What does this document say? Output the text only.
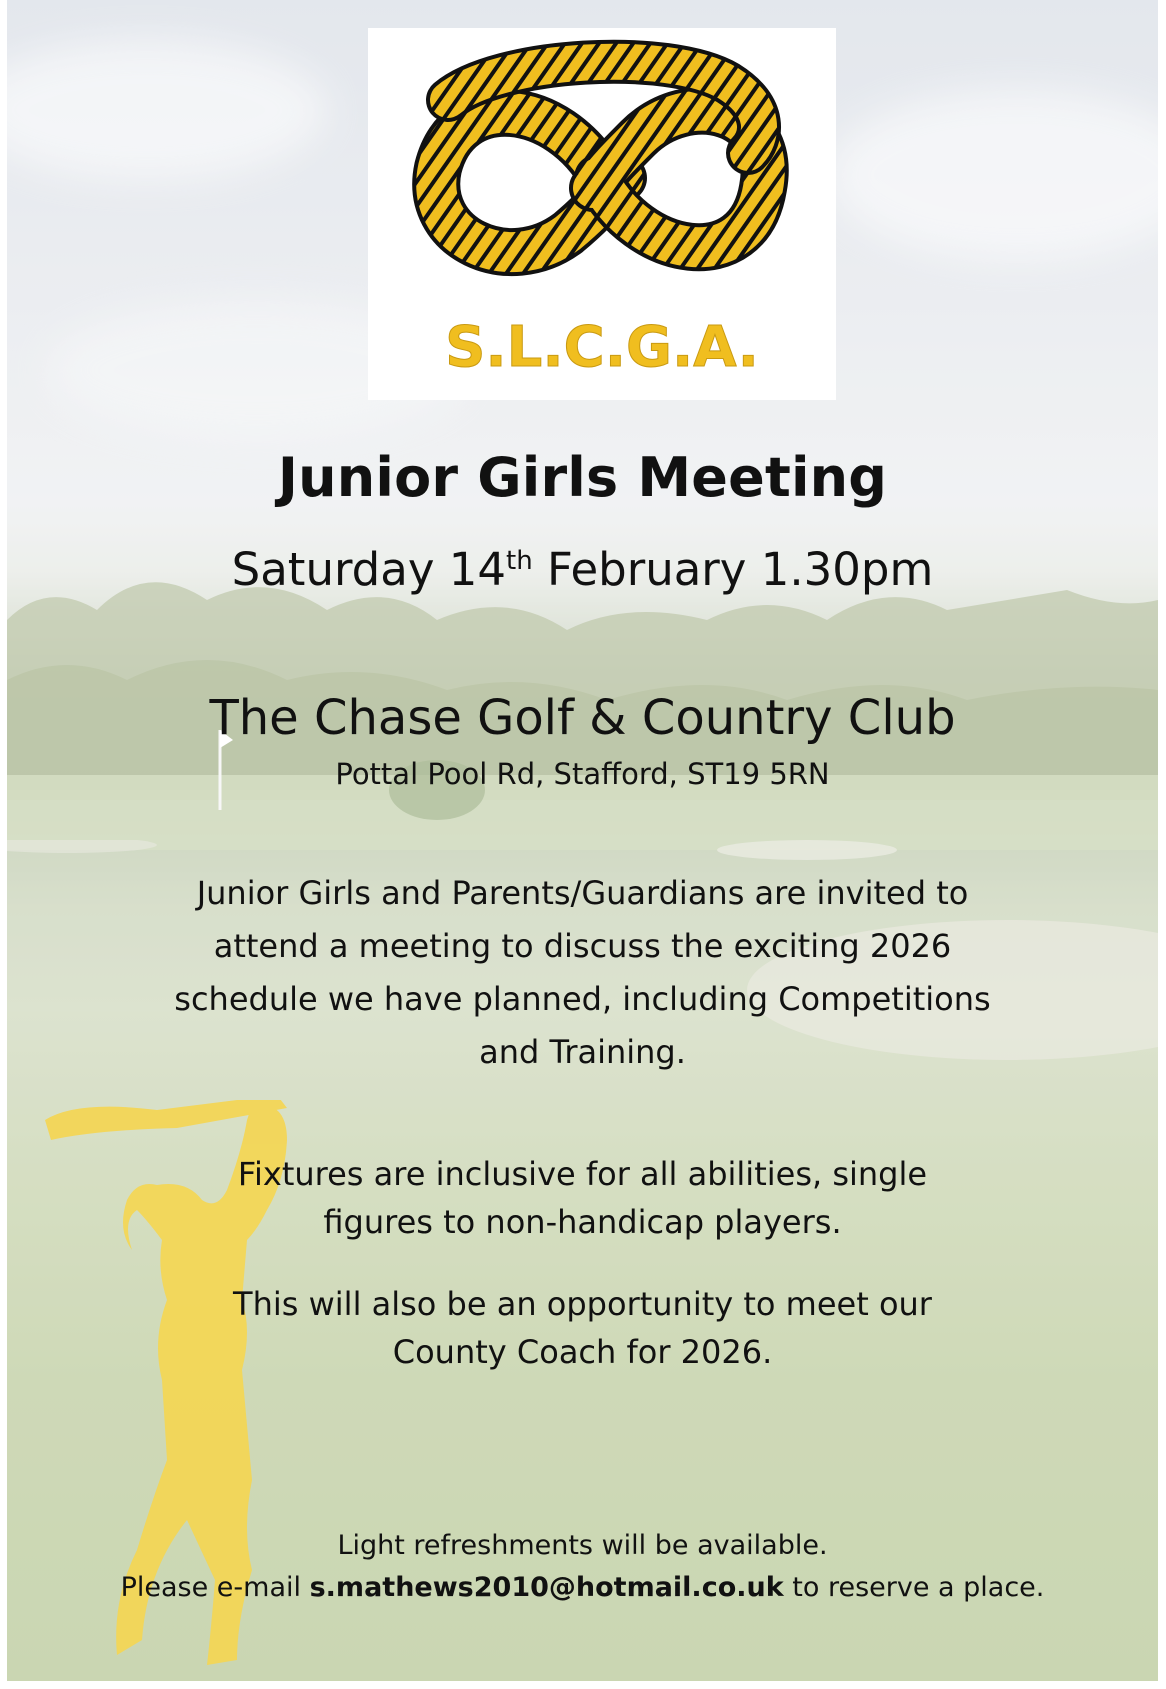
S.L.C.G.A.
Junior Girls Meeting
Saturday 14th February 1.30pm
The Chase Golf & Country Club
Pottal Pool Rd, Stafford, ST19 5RN
Junior Girls and Parents/Guardians are invited to attend a meeting to discuss the exciting 2026 schedule we have planned, including Competitions and Training.
Fixtures are inclusive for all abilities, single figures to non-handicap players.
This will also be an opportunity to meet our County Coach for 2026.
Light refreshments will be available.
Please e-mail s.mathews2010@hotmail.co.uk to reserve a place.
